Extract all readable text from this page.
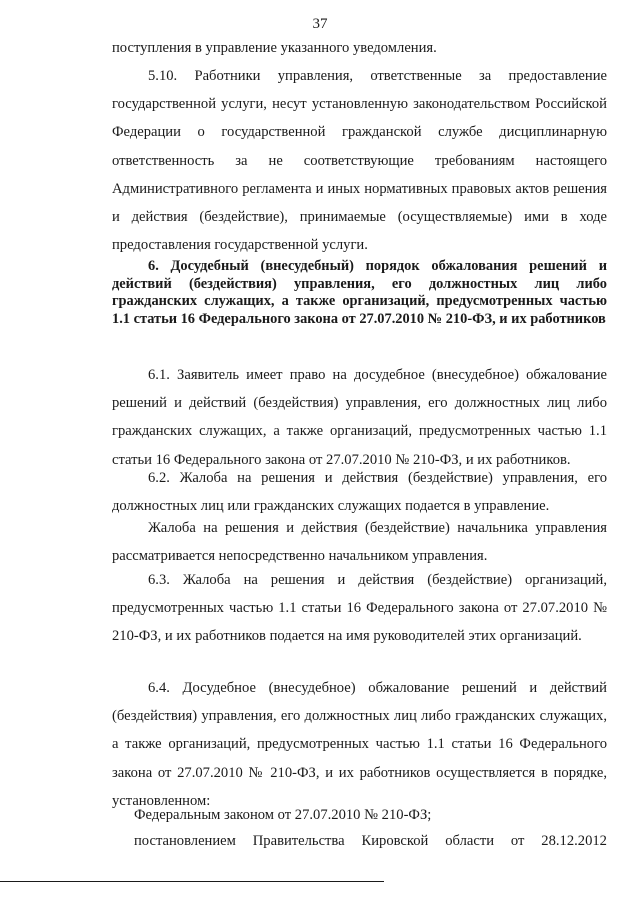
37
поступления в управление указанного уведомления.
5.10. Работники управления, ответственные за предоставление государственной услуги, несут установленную законодательством Российской Федерации о государственной гражданской службе дисциплинарную ответственность за не соответствующие требованиям настоящего Административного регламента и иных нормативных правовых актов решения и действия (бездействие), принимаемые (осуществляемые) ими в ходе предоставления государственной услуги.
6. Досудебный (внесудебный) порядок обжалования решений и действий (бездействия) управления, его должностных лиц либо гражданских служащих, а также организаций, предусмотренных частью 1.1 статьи 16 Федерального закона от 27.07.2010 № 210-ФЗ, и их работников
6.1. Заявитель имеет право на досудебное (внесудебное) обжалование решений и действий (бездействия) управления, его должностных лиц либо гражданских служащих, а также организаций, предусмотренных частью 1.1 статьи 16 Федерального закона от 27.07.2010 № 210-ФЗ, и их работников.
6.2. Жалоба на решения и действия (бездействие) управления, его должностных лиц или гражданских служащих подается в управление.
Жалоба на решения и действия (бездействие) начальника управления рассматривается непосредственно начальником управления.
6.3. Жалоба на решения и действия (бездействие) организаций, предусмотренных частью 1.1 статьи 16 Федерального закона от 27.07.2010 № 210-ФЗ, и их работников подается на имя руководителей этих организаций.
6.4. Досудебное (внесудебное) обжалование решений и действий (бездействия) управления, его должностных лиц либо гражданских служащих, а также организаций, предусмотренных частью 1.1 статьи 16 Федерального закона от 27.07.2010 № 210-ФЗ, и их работников осуществляется в порядке, установленном:
Федеральным законом от 27.07.2010 № 210-ФЗ;
постановлением Правительства Кировской области от 28.12.2012
